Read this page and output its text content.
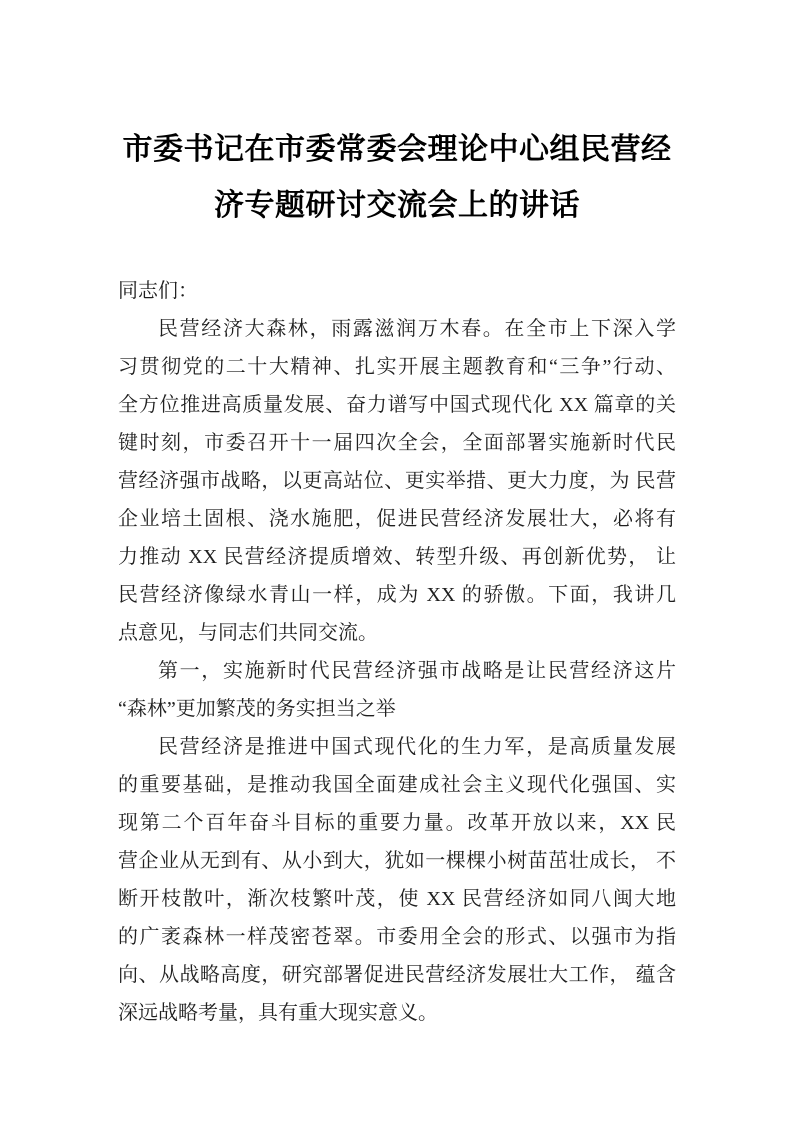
市委书记在市委常委会理论中心组民营经
济专题研讨交流会上的讲话
同志们：
民营经济大森林，雨露滋润万木春。在全市上下深入学
习贯彻党的二十大精神、扎实开展主题教育和“三争”行动、
全方位推进高质量发展、奋力谱写中国式现代化 XX 篇章的关
键时刻，市委召开十一届四次全会，全面部署实施新时代民
营经济强市战略，以更高站位、更实举措、更大力度，为 民营
企业培土固根、浇水施肥，促进民营经济发展壮大，必将有
力推动 XX 民营经济提质增效、转型升级、再创新优势， 让
民营经济像绿水青山一样，成为 XX 的骄傲。下面，我讲几
点意见，与同志们共同交流。
第一，实施新时代民营经济强市战略是让民营经济这片
“森林”更加繁茂的务实担当之举
民营经济是推进中国式现代化的生力军，是高质量发展
的重要基础，是推动我国全面建成社会主义现代化强国、实
现第二个百年奋斗目标的重要力量。改革开放以来，XX 民
营企业从无到有、从小到大，犹如一棵棵小树苗茁壮成长， 不
断开枝散叶，渐次枝繁叶茂，使 XX 民营经济如同八闽大地
的广袤森林一样茂密苍翠。市委用全会的形式、以强市为指
向、从战略高度，研究部署促进民营经济发展壮大工作， 蕴含
深远战略考量，具有重大现实意义。
